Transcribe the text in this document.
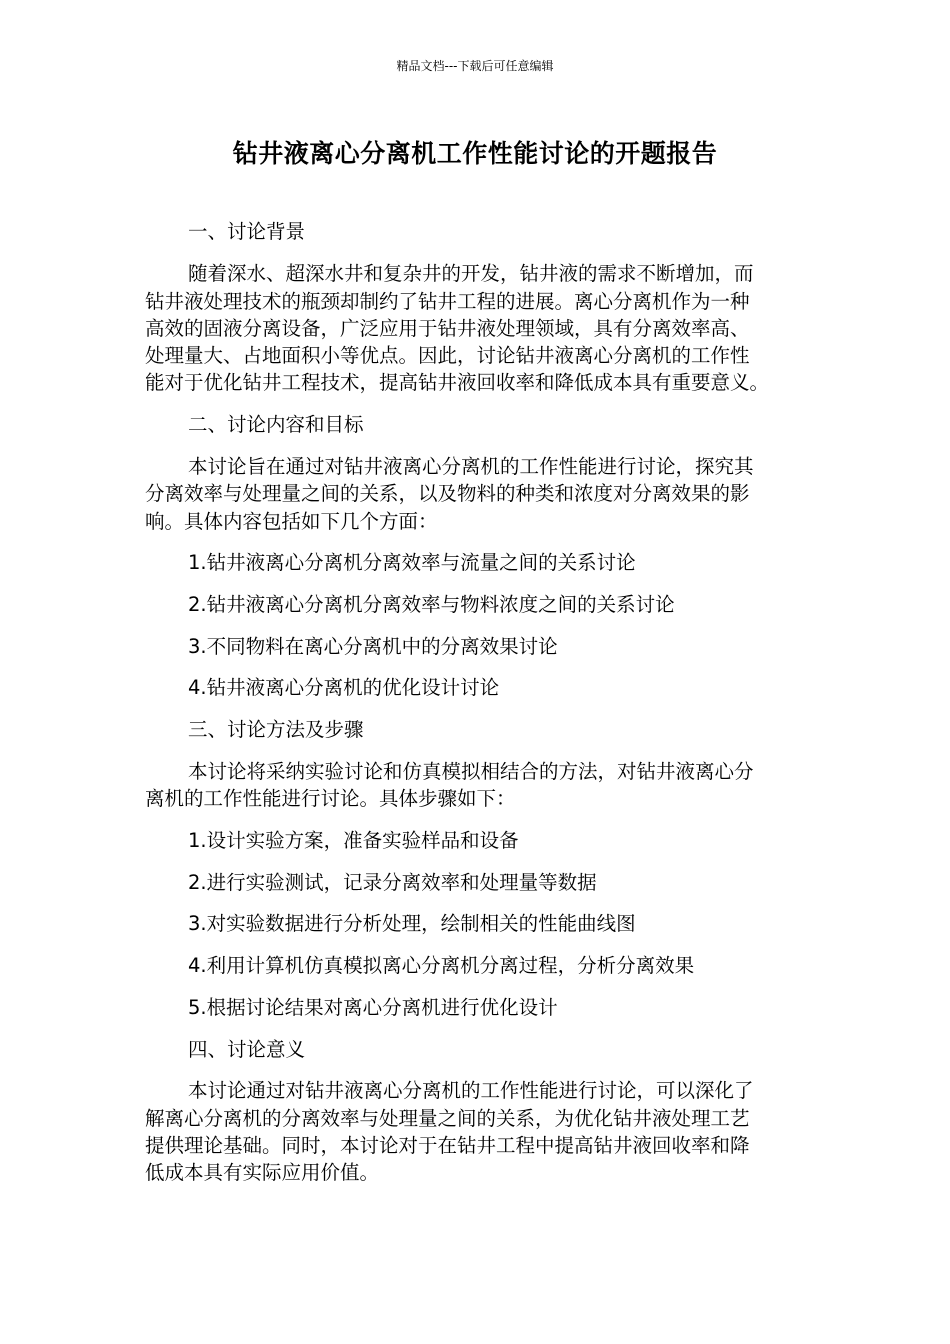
精品文档---下载后可任意编辑
钻井液离心分离机工作性能讨论的开题报告
一、讨论背景
随着深水、超深水井和复杂井的开发，钻井液的需求不断增加，而
钻井液处理技术的瓶颈却制约了钻井工程的进展。离心分离机作为一种
高效的固液分离设备，广泛应用于钻井液处理领域，具有分离效率高、
处理量大、占地面积小等优点。因此，讨论钻井液离心分离机的工作性
能对于优化钻井工程技术，提高钻井液回收率和降低成本具有重要意义。
二、讨论内容和目标
本讨论旨在通过对钻井液离心分离机的工作性能进行讨论，探究其
分离效率与处理量之间的关系，以及物料的种类和浓度对分离效果的影
响。具体内容包括如下几个方面：
1.钻井液离心分离机分离效率与流量之间的关系讨论
2.钻井液离心分离机分离效率与物料浓度之间的关系讨论
3.不同物料在离心分离机中的分离效果讨论
4.钻井液离心分离机的优化设计讨论
三、讨论方法及步骤
本讨论将采纳实验讨论和仿真模拟相结合的方法，对钻井液离心分
离机的工作性能进行讨论。具体步骤如下：
1.设计实验方案，准备实验样品和设备
2.进行实验测试，记录分离效率和处理量等数据
3.对实验数据进行分析处理，绘制相关的性能曲线图
4.利用计算机仿真模拟离心分离机分离过程，分析分离效果
5.根据讨论结果对离心分离机进行优化设计
四、讨论意义
本讨论通过对钻井液离心分离机的工作性能进行讨论，可以深化了
解离心分离机的分离效率与处理量之间的关系，为优化钻井液处理工艺
提供理论基础。同时，本讨论对于在钻井工程中提高钻井液回收率和降
低成本具有实际应用价值。
